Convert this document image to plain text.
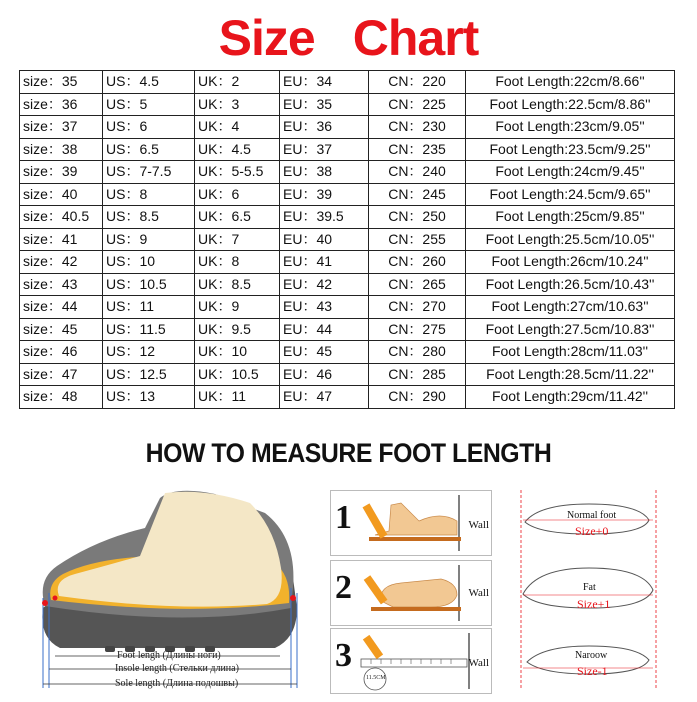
Size Chart
size：35	US：4.5	UK：2	EU：34	CN：220	Foot Length:22cm/8.66''
size：36	US：5	UK：3	EU：35	CN：225	Foot Length:22.5cm/8.86''
size：37	US：6	UK：4	EU：36	CN：230	Foot Length:23cm/9.05''
size：38	US：6.5	UK：4.5	EU：37	CN：235	Foot Length:23.5cm/9.25''
size：39	US：7-7.5	UK：5-5.5	EU：38	CN：240	Foot Length:24cm/9.45''
size：40	US：8	UK：6	EU：39	CN：245	Foot Length:24.5cm/9.65''
size：40.5	US：8.5	UK：6.5	EU：39.5	CN：250	Foot Length:25cm/9.85''
size：41	US：9	UK：7	EU：40	CN：255	Foot Length:25.5cm/10.05''
size：42	US：10	UK：8	EU：41	CN：260	Foot Length:26cm/10.24''
size：43	US：10.5	UK：8.5	EU：42	CN：265	Foot Length:26.5cm/10.43''
size：44	US：11	UK：9	EU：43	CN：270	Foot Length:27cm/10.63''
size：45	US：11.5	UK：9.5	EU：44	CN：275	Foot Length:27.5cm/10.83''
size：46	US：12	UK：10	EU：45	CN：280	Foot Length:28cm/11.03''
size：47	US：12.5	UK：10.5	EU：46	CN：285	Foot Length:28.5cm/11.22''
size：48	US：13	UK：11	EU：47	CN：290	Foot Length:29cm/11.42''
HOW TO MEASURE FOOT LENGTH
Foot lengh (Длины ноги)
Insole length (Стельки длина)
Sole length (Длина подошвы)
1	Wall
2	Wall
3
11.5CM
Wall
Normal foot
Size+0
Fat
Size+1
Naroow
Size-1
